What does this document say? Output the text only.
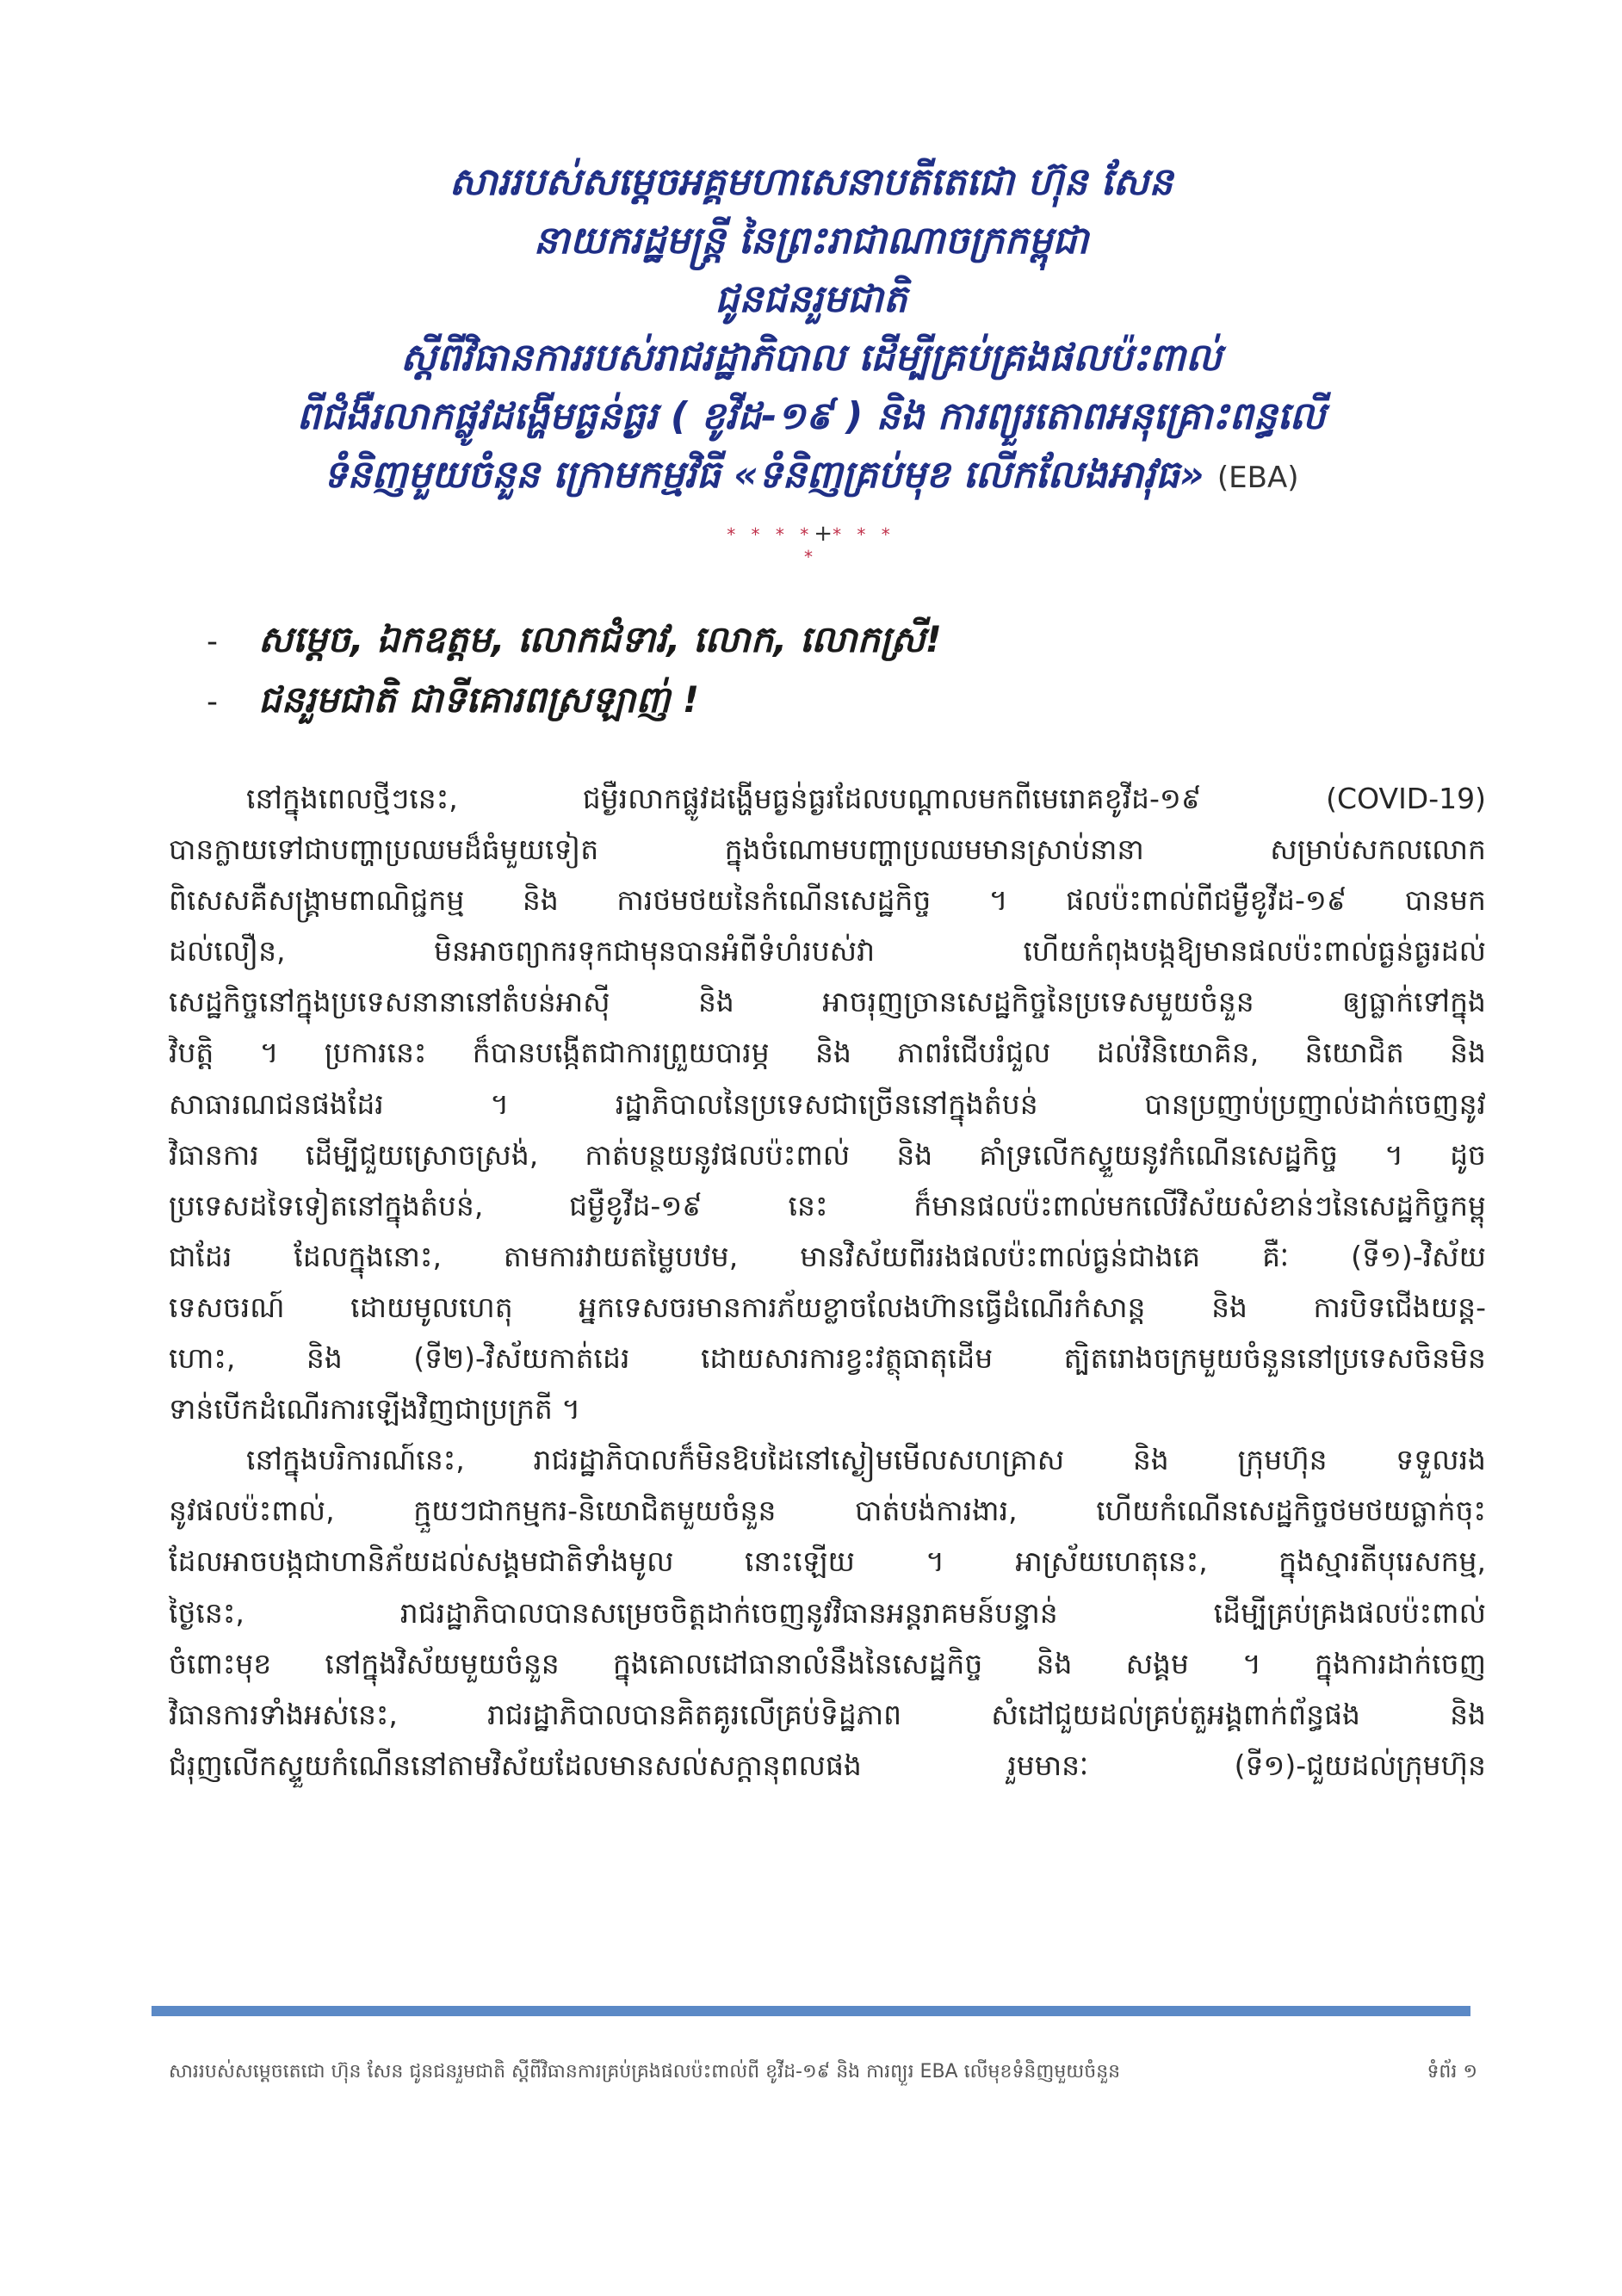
សាររបស់សម្ដេចអគ្គមហាសេនាបតីតេជោ ហ៊ុន សែន
នាយករដ្ឋមន្ត្រី នៃព្រះរាជាណាចក្រកម្ពុជា
ជូនជនរួមជាតិ
ស្ដីពីវិធានការរបស់រាជរដ្ឋាភិបាល ដើម្បីគ្រប់គ្រងផលប៉ះពាល់
ពីជំងឺរលាកផ្លូវដង្ហើមធ្ងន់ធ្ងរ ( ខូវីដ-១៩ ) និង ការព្យួរតោពអនុគ្រោះពន្ធលើ
ទំនិញមួយចំនួន ក្រោមកម្មវិធី «ទំនិញគ្រប់មុខ លើកលែងអាវុធ» (EBA)
* * * *+* * * *
-	សម្ដេច, ឯកឧត្តម, លោកជំទាវ, លោក, លោកស្រី!
-	ជនរួមជាតិ ជាទីគោរពស្រឡាញ់ !
នៅក្នុងពេលថ្មីៗនេះ, ជម្ងឺរលាកផ្លូវដង្ហើមធ្ងន់ធ្ងរដែលបណ្ដាលមកពីមេរោគខូវីដ-១៩ (COVID-19)
បានក្លាយទៅជាបញ្ហាប្រឈមដ៏ធំមួយទៀត ក្នុងចំណោមបញ្ហាប្រឈមមានស្រាប់នានា សម្រាប់សកលលោក
ពិសេសគឺសង្គ្រាមពាណិជ្ជកម្ម និង ការថមថយនៃកំណើនសេដ្ឋកិច្ច ។ ផលប៉ះពាល់ពីជម្ងឺខូវីដ-១៩ បានមក
ដល់លឿន, មិនអាចព្យាករទុកជាមុនបានអំពីទំហំរបស់វា ហើយកំពុងបង្កឱ្យមានផលប៉ះពាល់ធ្ងន់ធ្ងរដល់
សេដ្ឋកិច្ចនៅក្នុងប្រទេសនានានៅតំបន់អាស៊ី និង អាចរុញច្រានសេដ្ឋកិច្ចនៃប្រទេសមួយចំនួន ឲ្យធ្លាក់ទៅក្នុង
វិបត្តិ ។ ប្រការនេះ ក៏បានបង្កើតជាការព្រួយបារម្ភ និង ភាពរំជើបរំជួល ដល់វិនិយោគិន, និយោជិត និង
សាធារណជនផងដែរ ។ រដ្ឋាភិបាលនៃប្រទេសជាច្រើននៅក្នុងតំបន់ បានប្រញាប់ប្រញាល់ដាក់ចេញនូវ
វិធានការ ដើម្បីជួយស្រោចស្រង់, កាត់បន្ថយនូវផលប៉ះពាល់ និង គាំទ្រលើកស្ទួយនូវកំណើនសេដ្ឋកិច្ច ។ ដូច
ប្រទេសដទៃទៀតនៅក្នុងតំបន់, ជម្ងឺខូវីដ-១៩ នេះ ក៏មានផលប៉ះពាល់មកលើវិស័យសំខាន់ៗនៃសេដ្ឋកិច្ចកម្ពុ
ជាដែរ ដែលក្នុងនោះ, តាមការវាយតម្លៃបឋម, មានវិស័យពីររងផលប៉ះពាល់ធ្ងន់ជាងគេ គឺៈ (ទី១)-វិស័យ
ទេសចរណ៍ ដោយមូលហេតុ អ្នកទេសចរមានការភ័យខ្លាចលែងហ៊ានធ្វើដំណើរកំសាន្ត និង ការបិទជើងយន្ត-
ហោះ, និង (ទី២)-វិស័យកាត់ដេរ ដោយសារការខ្វះវត្ថុធាតុដើម ត្បិតរោងចក្រមួយចំនួននៅប្រទេសចិនមិន
ទាន់បើកដំណើរការឡើងវិញជាប្រក្រតី ។
នៅក្នុងបរិការណ៍នេះ, រាជរដ្ឋាភិបាលក៏មិនឱបដៃនៅស្ងៀមមើលសហគ្រាស និង ក្រុមហ៊ុន ទទួលរង
នូវផលប៉ះពាល់, ក្មួយៗជាកម្មករ-និយោជិតមួយចំនួន បាត់បង់ការងារ, ហើយកំណើនសេដ្ឋកិច្ចថមថយធ្លាក់ចុះ
ដែលអាចបង្កជាហានិភ័យដល់សង្គមជាតិទាំងមូល នោះឡើយ ។ អាស្រ័យហេតុនេះ, ក្នុងស្មារតីបុរេសកម្ម,
ថ្ងៃនេះ, រាជរដ្ឋាភិបាលបានសម្រេចចិត្តដាក់ចេញនូវវិធានអន្តរាគមន៍បន្ទាន់ ដើម្បីគ្រប់គ្រងផលប៉ះពាល់
ចំពោះមុខ នៅក្នុងវិស័យមួយចំនួន ក្នុងគោលដៅធានាលំនឹងនៃសេដ្ឋកិច្ច និង សង្គម ។ ក្នុងការដាក់ចេញ
វិធានការទាំងអស់នេះ, រាជរដ្ឋាភិបាលបានគិតគូរលើគ្រប់ទិដ្ឋភាព សំដៅជួយដល់គ្រប់តួអង្គពាក់ព័ន្ធផង និង
ជំរុញលើកស្ទួយកំណើននៅតាមវិស័យដែលមានសល់សក្ដានុពលផង រួមមានៈ (ទី១)-ជួយដល់ក្រុមហ៊ុន
សាររបស់សម្ដេចតេជោ ហ៊ុន សែន ជូនជនរួមជាតិ ស្ដីពីវិធានការគ្រប់គ្រងផលប៉ះពាល់ពី ខូវីដ-១៩ និង ការព្យួរ EBA លើមុខទំនិញមួយចំនួន	ទំព័រ ១
